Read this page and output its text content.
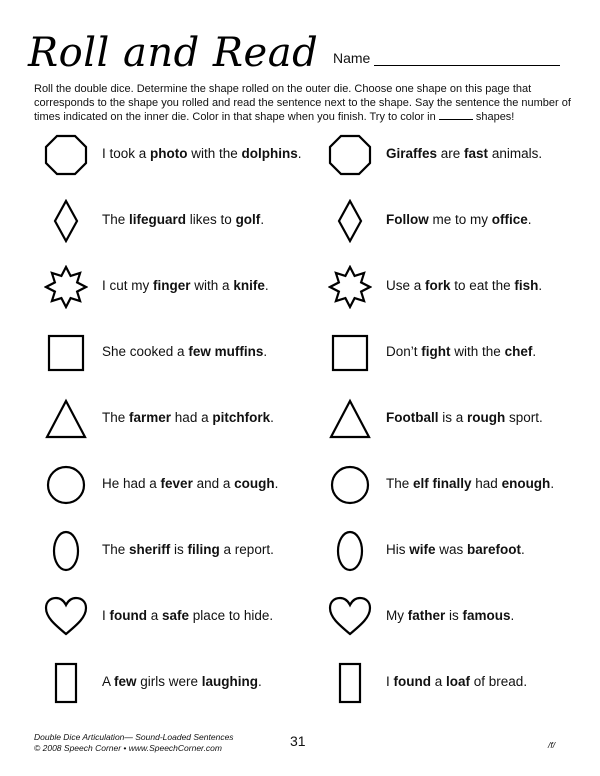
Roll and Read Name
Roll the double dice. Determine the shape rolled on the outer die. Choose one shape on this page that corresponds to the shape you rolled and read the sentence next to the shape. Say the sentence the number of times indicated on the inner die. Color in that shape when you finish. Try to color in	shapes!
I took a photo with the dolphins.	Giraffes are fast animals.
The lifeguard likes to golf.	Follow me to my office.
I cut my finger with a knife.	Use a fork to eat the fish.
She cooked a few muffins.	Don’t fight with the chef.
The farmer had a pitchfork.	Football is a rough sport.
He had a fever and a cough.	The elf finally had enough.
The sheriff is filing a report.	His wife was barefoot.
I found a safe place to hide.	My father is famous.
A few girls were laughing.	I found a loaf of bread.
Double Dice Articulation— Sound-Loaded Sentences
© 2008 Speech Corner • www.SpeechCorner.com	31	/f/
